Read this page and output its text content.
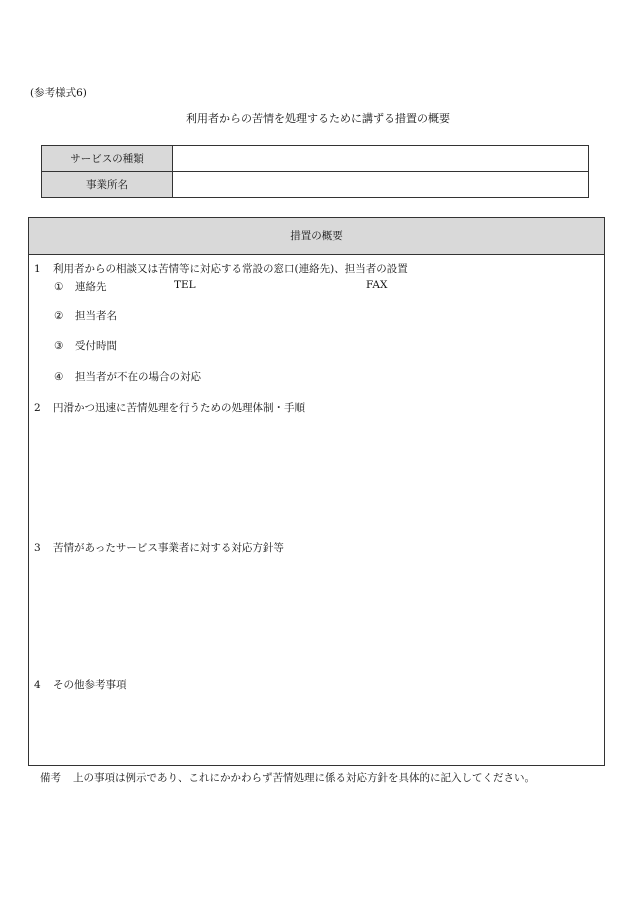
(参考様式6)
利用者からの苦情を処理するために講ずる措置の概要
サービスの種類	
事業所名	
措置の概要
1 利用者からの相談又は苦情等に対応する常設の窓口(連絡先)、担当者の設置
① 連絡先	TEL	FAX
② 担当者名
③ 受付時間
④ 担当者が不在の場合の対応
2 円滑かつ迅速に苦情処理を行うための処理体制・手順
3 苦情があったサービス事業者に対する対応方針等
4 その他参考事項
備考 上の事項は例示であり、これにかかわらず苦情処理に係る対応方針を具体的に記入してください。
